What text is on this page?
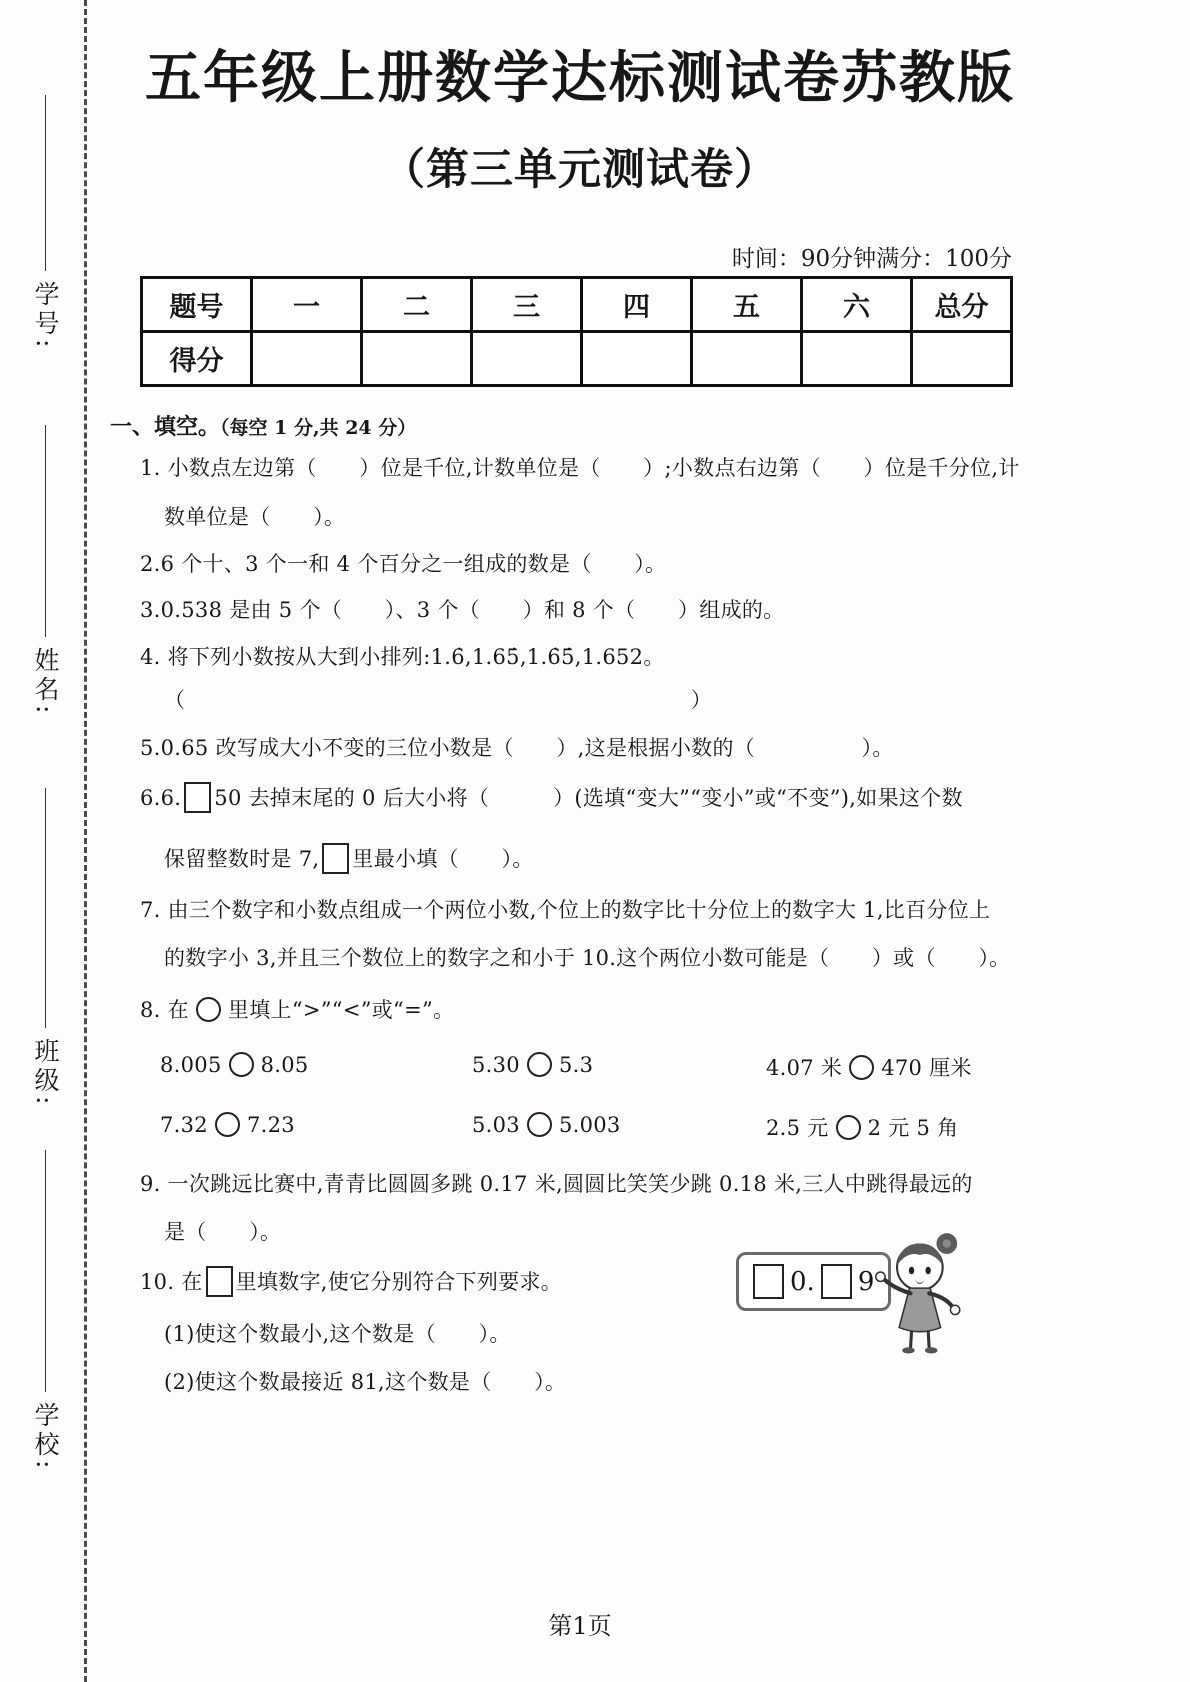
学号:
姓名:
班级:
学校:
五年级上册数学达标测试卷苏教版
（第三单元测试卷）
时间：90分钟满分：100分
题号	一	二	三	四	五	六	总分
得分							
一、填空。（每空 1 分,共 24 分）
1. 小数点左边第（　　）位是千位,计数单位是（　　）;小数点右边第（　　）位是千分位,计
数单位是（　　）。
2.6 个十、3 个一和 4 个百分之一组成的数是（　　）。
3.0.538 是由 5 个（　　）、3 个（　　）和 8 个（　　）组成的。
4. 将下列小数按从大到小排列:1.6̇,1.65̇,1.6̇5̇,1.652。
（	）
5.0.65 改写成大小不变的三位小数是（　　）,这是根据小数的（　　　　　）。
6.6. 50 去掉末尾的 0 后大小将（　　　）(选填“变大”“变小”或“不变”),如果这个数
保留整数时是 7, 里最小填（　　）。
7. 由三个数字和小数点组成一个两位小数,个位上的数字比十分位上的数字大 1,比百分位上
的数字小 3,并且三个数位上的数字之和小于 10.这个两位小数可能是（　　）或（　　）。
8. 在 里填上“>”“<”或“=”。
8.005 8.05	5.30 5.3	4.07 米 470 厘米
7.32 7.23	5.03 5.003	2.5 元 2 元 5 角
9. 一次跳远比赛中,青青比圆圆多跳 0.17 米,圆圆比笑笑少跳 0.18 米,三人中跳得最远的
是（　　）。
10. 在 里填数字,使它分别符合下列要求。
(1)使这个数最小,这个数是（　　）。
(2)使这个数最接近 81,这个数是（　　）。
0. 9
第1页
